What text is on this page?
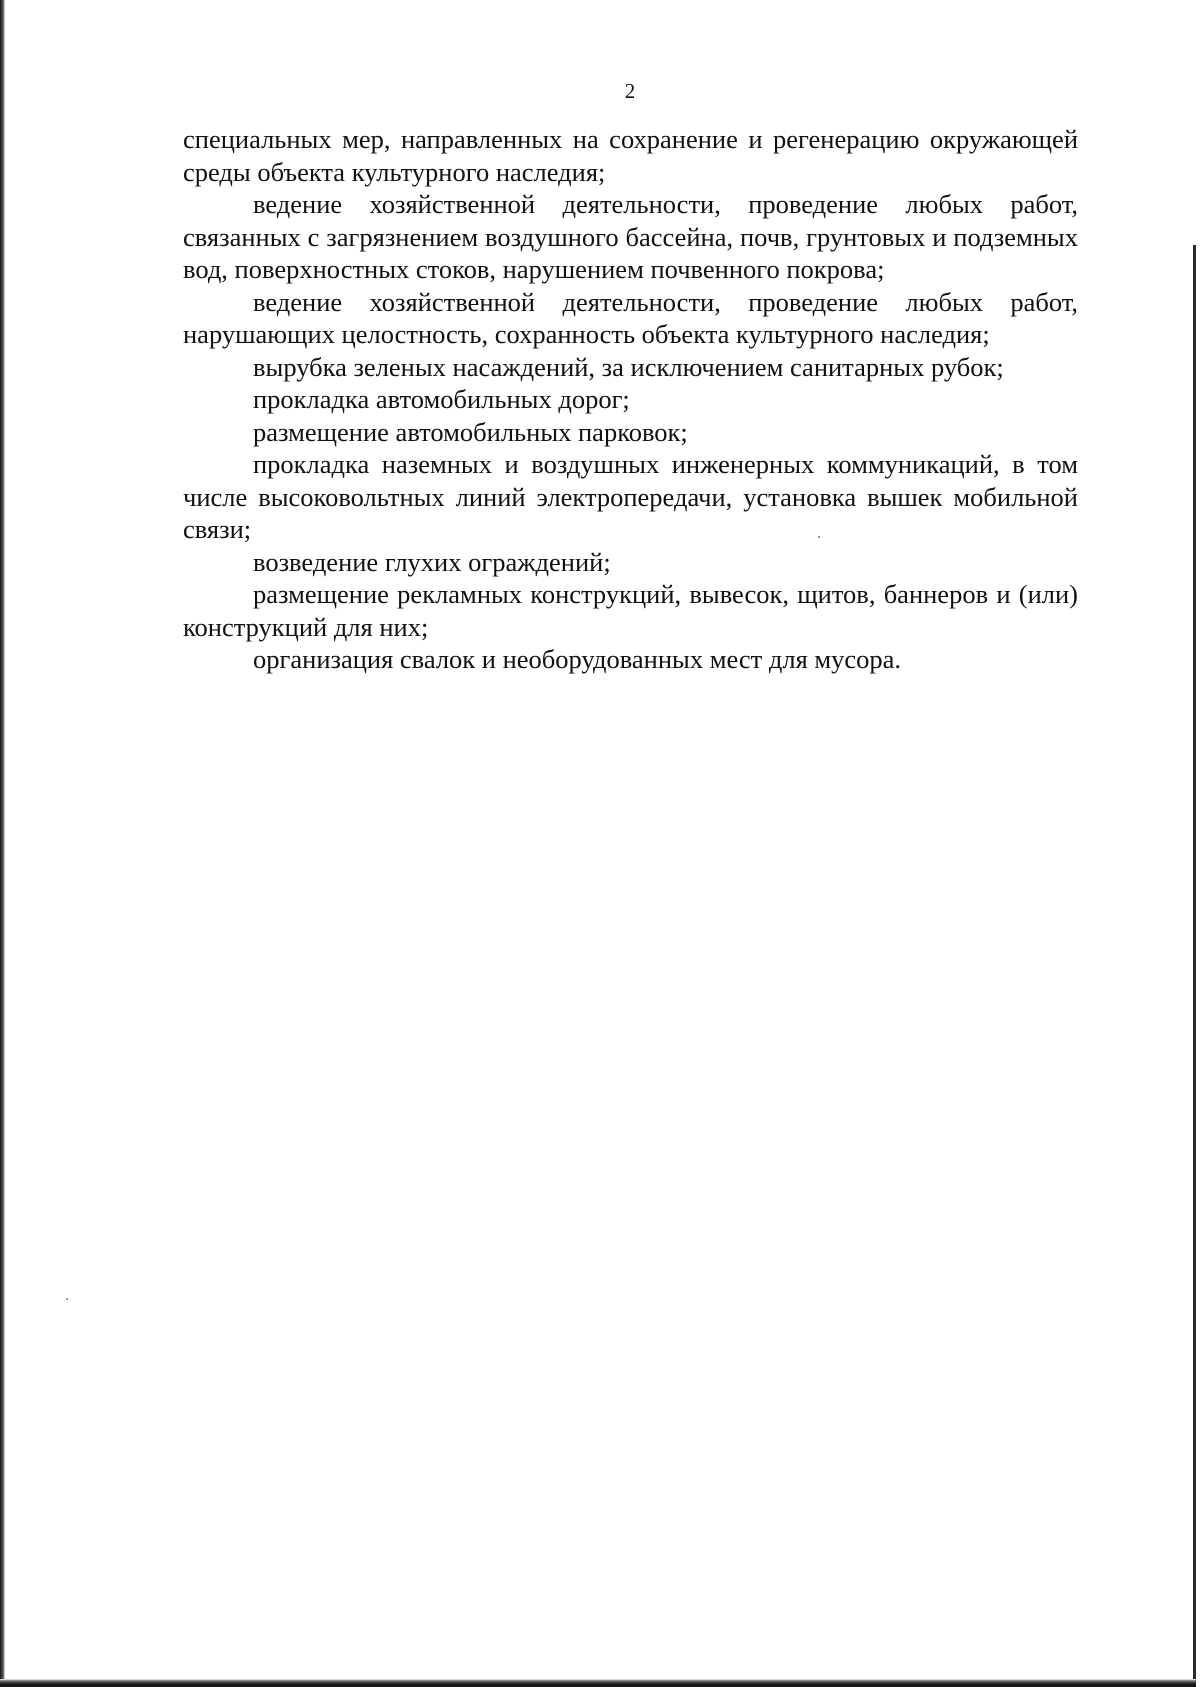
2

специальных мер, направленных на сохранение и регенерацию окружающей среды объекта культурного наследия;

ведение хозяйственной деятельности, проведение любых работ, связанных с загрязнением воздушного бассейна, почв, грунтовых и подземных вод, поверхностных стоков, нарушением почвенного покрова;

ведение хозяйственной деятельности, проведение любых работ, нарушающих целостность, сохранность объекта культурного наследия;

вырубка зеленых насаждений, за исключением санитарных рубок;

прокладка автомобильных дорог;

размещение автомобильных парковок;

прокладка наземных и воздушных инженерных коммуникаций, в том числе высоковольтных линий электропередачи, установка вышек мобильной связи;

возведение глухих ограждений;

размещение рекламных конструкций, вывесок, щитов, баннеров и (или) конструкций для них;

организация свалок и необорудованных мест для мусора.
